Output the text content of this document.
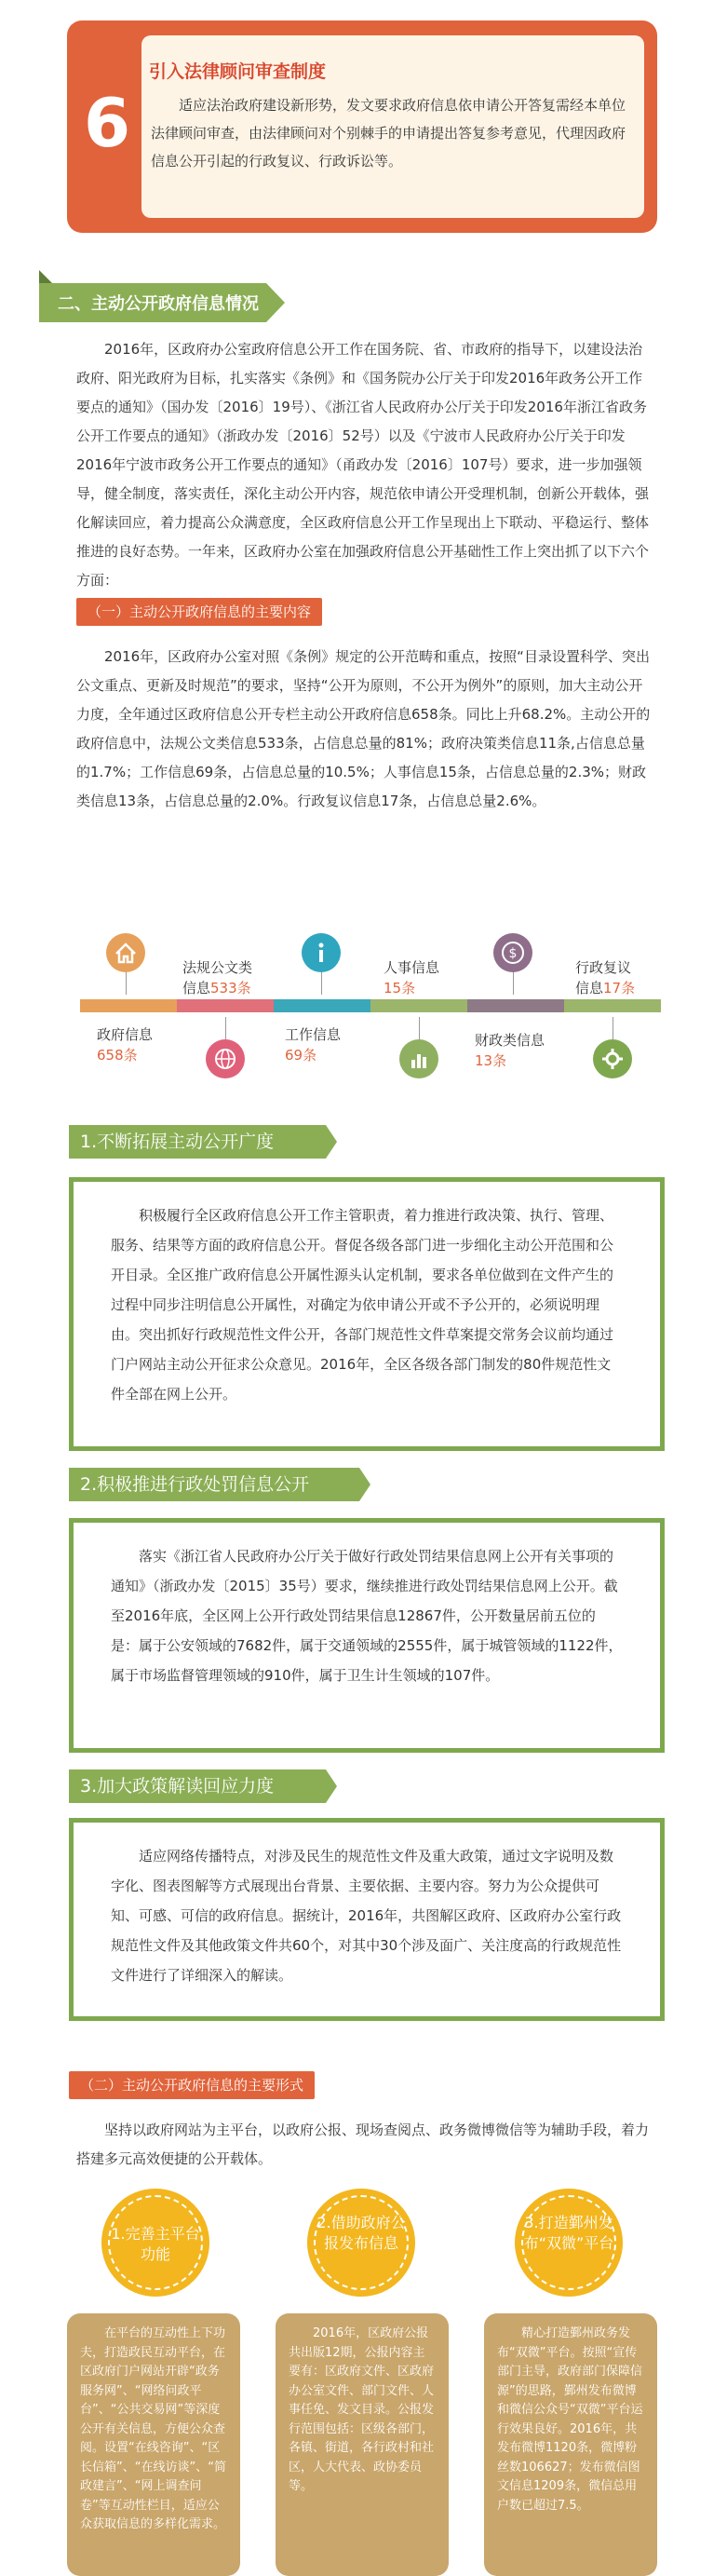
6
引入法律顾问审查制度

适应法治政府建设新形势，发文要求政府信息依申请公开答复需经本单位法律顾问审查，由法律顾问对个别棘手的申请提出答复参考意见，代理因政府信息公开引起的行政复议、行政诉讼等。

二、主动公开政府信息情况

2016年，区政府办公室政府信息公开工作在国务院、省、市政府的指导下，以建设法治政府、阳光政府为目标，扎实落实《条例》和《国务院办公厅关于印发2016年政务公开工作要点的通知》（国办发〔2016〕19号）、《浙江省人民政府办公厅关于印发2016年浙江省政务公开工作要点的通知》（浙政办发〔2016〕52号）以及《宁波市人民政府办公厅关于印发2016年宁波市政务公开工作要点的通知》（甬政办发〔2016〕107号）要求，进一步加强领导，健全制度，落实责任，深化主动公开内容，规范依申请公开受理机制，创新公开载体，强化解读回应，着力提高公众满意度，全区政府信息公开工作呈现出上下联动、平稳运行、整体推进的良好态势。一年来，区政府办公室在加强政府信息公开基础性工作上突出抓了以下六个方面：

（一）主动公开政府信息的主要内容

2016年，区政府办公室对照《条例》规定的公开范畴和重点，按照“目录设置科学、突出公文重点、更新及时规范”的要求，坚持“公开为原则，不公开为例外”的原则，加大主动公开力度，全年通过区政府信息公开专栏主动公开政府信息658条。同比上升68.2%。主动公开的政府信息中，法规公文类信息533条，占信息总量的81%；政府决策类信息11条,占信息总量的1.7%；工作信息69条，占信息总量的10.5%；人事信息15条，占信息总量的2.3%；财政类信息13条，占信息总量的2.0%。行政复议信息17条，占信息总量2.6%。

$
政府信息
658条
法规公文类
信息533条
工作信息
69条
人事信息
15条
财政类信息
13条
行政复议
信息17条
1.不断拓展主动公开广度

积极履行全区政府信息公开工作主管职责，着力推进行政决策、执行、管理、服务、结果等方面的政府信息公开。督促各级各部门进一步细化主动公开范围和公开目录。全区推广政府信息公开属性源头认定机制，要求各单位做到在文件产生的过程中同步注明信息公开属性，对确定为依申请公开或不予公开的，必须说明理由。突出抓好行政规范性文件公开，各部门规范性文件草案提交常务会议前均通过门户网站主动公开征求公众意见。2016年，全区各级各部门制发的80件规范性文件全部在网上公开。

2.积极推进行政处罚信息公开

落实《浙江省人民政府办公厅关于做好行政处罚结果信息网上公开有关事项的通知》（浙政办发〔2015〕35号）要求，继续推进行政处罚结果信息网上公开。截至2016年底，全区网上公开行政处罚结果信息12867件，公开数量居前五位的是：属于公安领域的7682件，属于交通领域的2555件，属于城管领域的1122件，属于市场监督管理领域的910件，属于卫生计生领域的107件。

3.加大政策解读回应力度

适应网络传播特点，对涉及民生的规范性文件及重大政策，通过文字说明及数字化、图表图解等方式展现出台背景、主要依据、主要内容。努力为公众提供可知、可感、可信的政府信息。据统计，2016年，共图解区政府、区政府办公室行政规范性文件及其他政策文件共60个，对其中30个涉及面广、关注度高的行政规范性文件进行了详细深入的解读。

（二）主动公开政府信息的主要形式

坚持以政府网站为主平台，以政府公报、现场查阅点、政务微博微信等为辅助手段，着力搭建多元高效便捷的公开载体。

1.完善主平台功能

在平台的互动性上下功夫，打造政民互动平台，在区政府门户网站开辟“政务服务网”、“网络问政平台”、“公共交易网”等深度公开有关信息，方便公众查阅。设置“在线咨询”、“区长信箱”、“在线访谈”、“简政建言”、“网上调查问卷”等互动性栏目，适应公众获取信息的多样化需求。

2.借助政府公报发布信息

2016年，区政府公报共出版12期，公报内容主要有：区政府文件、区政府办公室文件、部门文件、人事任免、发文目录。公报发行范围包括：区级各部门，各镇、街道，各行政村和社区，人大代表、政协委员等。

3.打造鄞州发布“双微”平台

精心打造鄞州政务发布“双微”平台。按照“宣传部门主导，政府部门保障信源”的思路，鄞州发布微博和微信公众号“双微”平台运行效果良好。2016年，共发布微博1120条，微博粉丝数106627；发布微信图文信息1209条，微信总用户数已超过7.5。
